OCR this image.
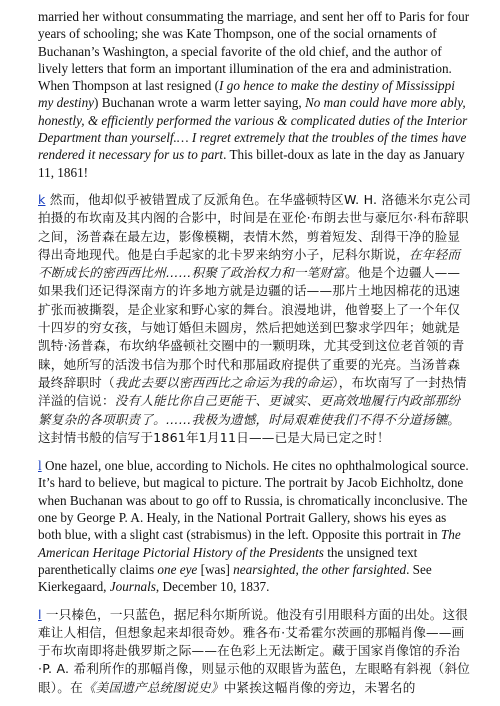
married her without consummating the marriage, and sent her off to Paris for four years of schooling; she was Kate Thompson, one of the social ornaments of Buchanan’s Washington, a special favorite of the old chief, and the author of lively letters that form an important illumination of the era and administration. When Thompson at last resigned (I go hence to make the destiny of Mississippi my destiny) Buchanan wrote a warm letter saying, No man could have more ably, honestly, & efficiently performed the various & complicated duties of the Interior Department than yourself.… I regret extremely that the troubles of the times have rendered it necessary for us to part. This billet-doux as late in the day as January 11, 1861!

k 然而，他却似乎被错置成了反派角色。在华盛顿特区W. H. 洛德米尔克公司拍摄的布坎南及其内阁的合影中，时间是在亚伦·布朗去世与豪厄尔·科布辞职之间，汤普森在最左边，影像模糊，表情木然，剪着短发、刮得干净的脸显得出奇地现代。他是白手起家的北卡罗来纳穷小子，尼科尔斯说，在年轻而不断成长的密西西比州……积聚了政治权力和一笔财富。他是个边疆人——如果我们还记得深南方的许多地方就是边疆的话——那片土地因棉花的迅速扩张而被撕裂，是企业家和野心家的舞台。浪漫地讲，他曾娶上了一个年仅十四岁的穷女孩，与她订婚但未圆房，然后把她送到巴黎求学四年；她就是凯特·汤普森，布坎纳华盛顿社交圈中的一颗明珠，尤其受到这位老首领的青睐，她所写的活泼书信为那个时代和那届政府提供了重要的光亮。当汤普森最终辞职时（我此去要以密西西比之命运为我的命运），布坎南写了一封热情洋溢的信说：没有人能比你自己更能干、更诚实、更高效地履行内政部那纷繁复杂的各项职责了。……我极为遗憾，时局艰难使我们不得不分道扬镳。这封情书般的信写于1861年1月11日——已是大局已定之时！

l One hazel, one blue, according to Nichols. He cites no ophthalmological source. It’s hard to believe, but magical to picture. The portrait by Jacob Eichholtz, done when Buchanan was about to go off to Russia, is chromatically inconclusive. The one by George P. A. Healy, in the National Portrait Gallery, shows his eyes as both blue, with a slight cast (strabismus) in the left. Opposite this portrait in The American Heritage Pictorial History of the Presidents the unsigned text parenthetically claims one eye [was] nearsighted, the other farsighted. See Kierkegaard, Journals, December 10, 1837.

l 一只榛色，一只蓝色，据尼科尔斯所说。他没有引用眼科方面的出处。这很难让人相信，但想象起来却很奇妙。雅各布·艾希霍尔茨画的那幅肖像——画于布坎南即将赴俄罗斯之际——在色彩上无法断定。藏于国家肖像馆的乔治·P. A. 希利所作的那幅肖像，则显示他的双眼皆为蓝色，左眼略有斜视（斜位眼）。在《美国遗产总统图说史》中紧挨这幅肖像的旁边，未署名的
